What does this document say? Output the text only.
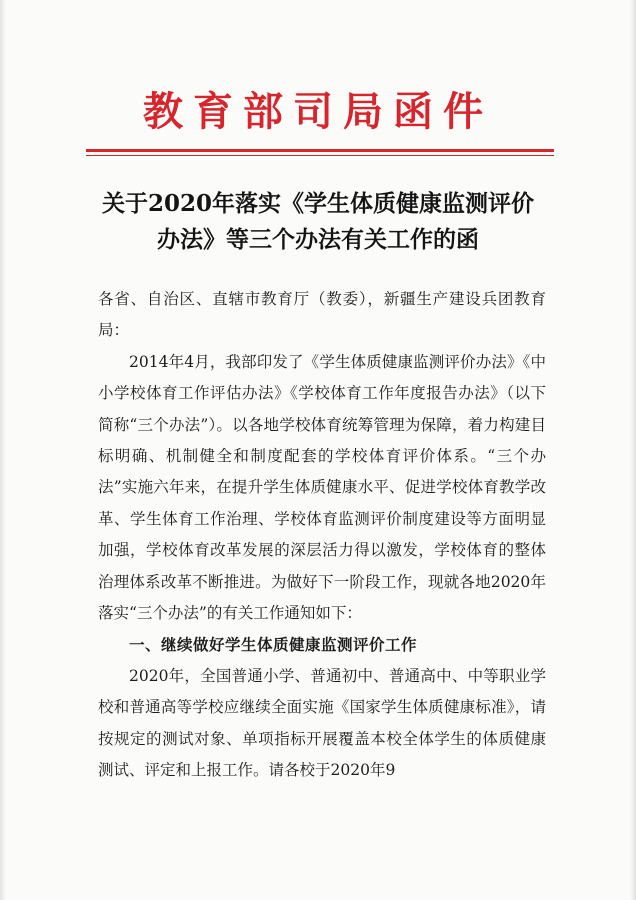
教育部司局函件
关于2020年落实《学生体质健康监测评价
办法》等三个办法有关工作的函

各省、自治区、直辖市教育厅（教委），新疆生产建设兵团教育局：

2014年4月，我部印发了《学生体质健康监测评价办法》《中小学校体育工作评估办法》《学校体育工作年度报告办法》（以下简称“三个办法”）。以各地学校体育统筹管理为保障，着力构建目标明确、机制健全和制度配套的学校体育评价体系。“三个办法”实施六年来，在提升学生体质健康水平、促进学校体育教学改革、学生体育工作治理、学校体育监测评价制度建设等方面明显加强，学校体育改革发展的深层活力得以激发，学校体育的整体治理体系改革不断推进。为做好下一阶段工作，现就各地2020年落实“三个办法”的有关工作通知如下：

一、继续做好学生体质健康监测评价工作

2020年，全国普通小学、普通初中、普通高中、中等职业学校和普通高等学校应继续全面实施《国家学生体质健康标准》，请按规定的测试对象、单项指标开展覆盖本校全体学生的体质健康测试、评定和上报工作。请各校于2020年9
